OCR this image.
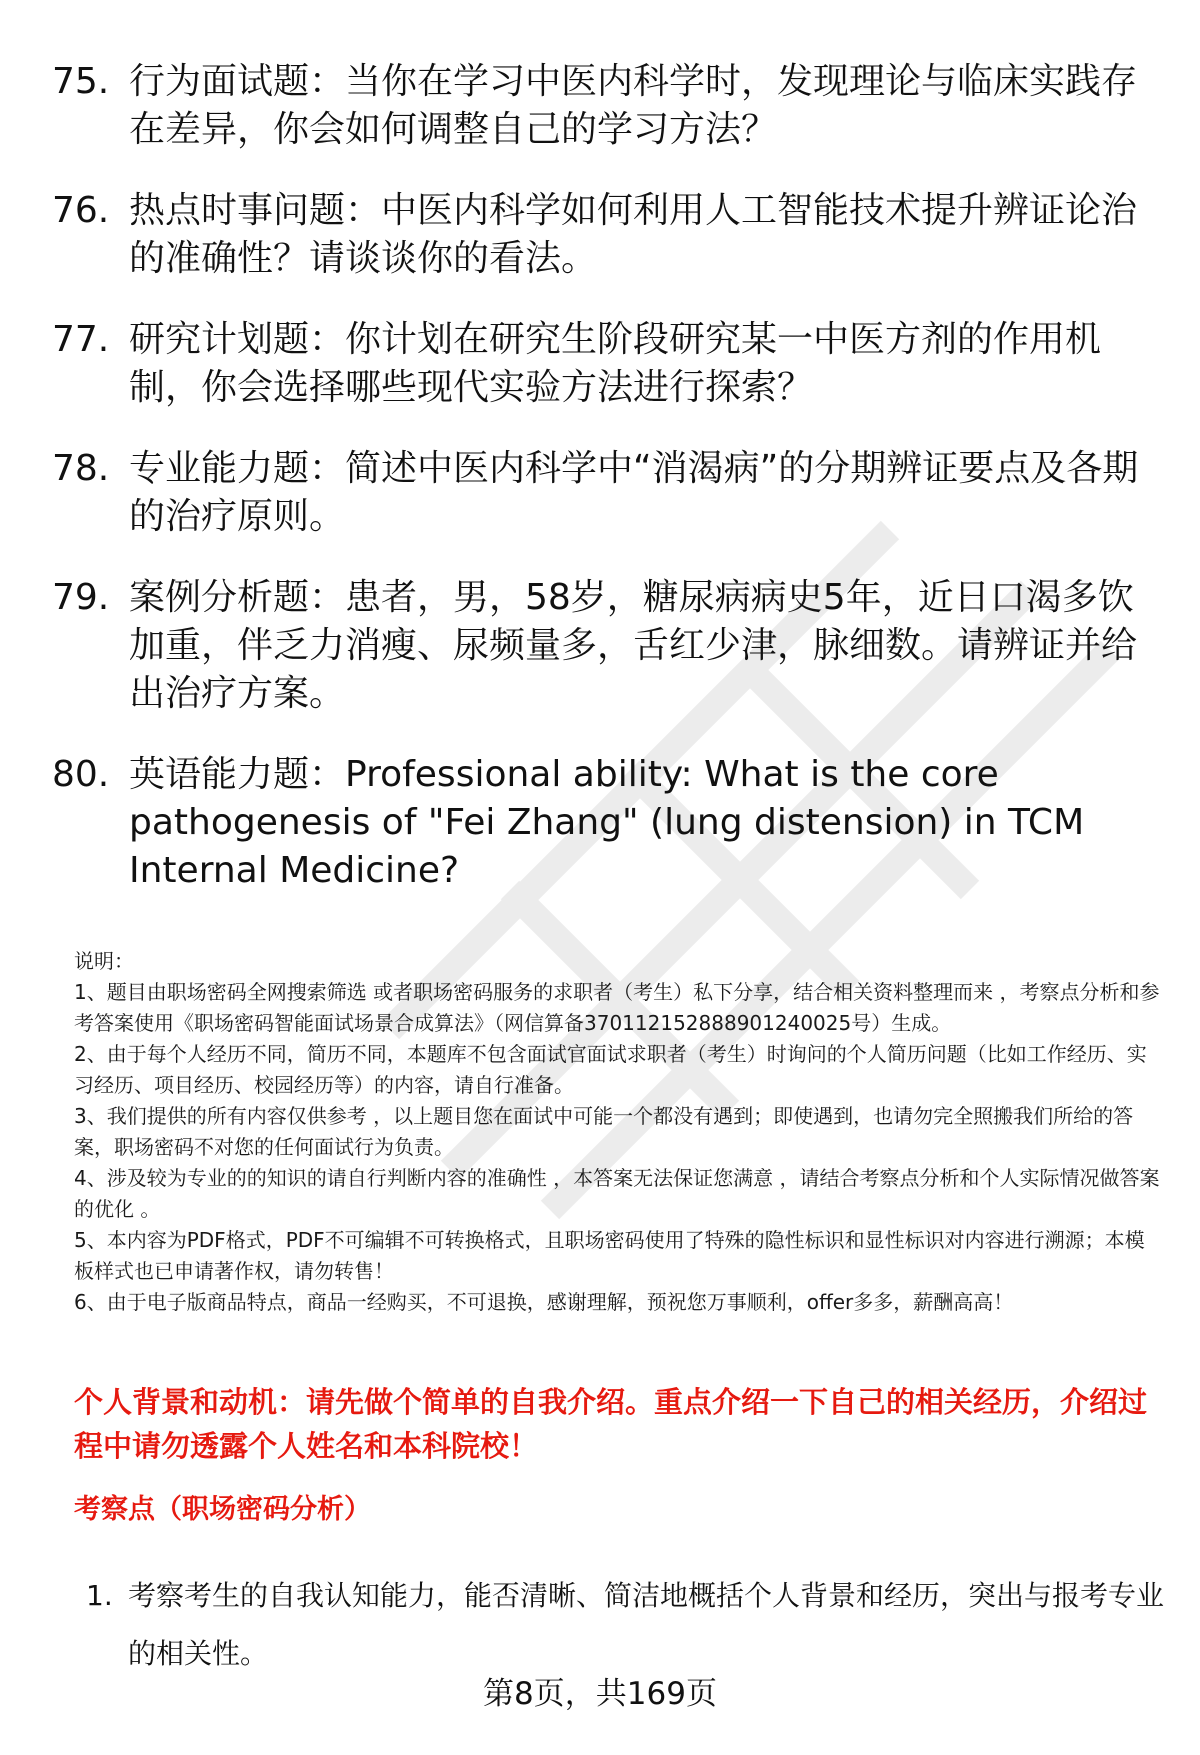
75. 行为面试题：当你在学习中医内科学时，发现理论与临床实践存在差异，你会如何调整自己的学习方法？
76. 热点时事问题：中医内科学如何利用人工智能技术提升辨证论治的准确性？请谈谈你的看法。
77. 研究计划题：你计划在研究生阶段研究某一中医方剂的作用机制，你会选择哪些现代实验方法进行探索？
78. 专业能力题：简述中医内科学中“消渴病”的分期辨证要点及各期的治疗原则。
79. 案例分析题：患者，男，58岁，糖尿病病史5年，近日口渴多饮加重，伴乏力消瘦、尿频量多，舌红少津，脉细数。请辨证并给出治疗方案。
80. 英语能力题：Professional ability: What is the core pathogenesis of "Fei Zhang" (lung distension) in TCM Internal Medicine?

说明：

1、题目由职场密码全网搜索筛选 或者职场密码服务的求职者（考生）私下分享，结合相关资料整理而来 ，考察点分析和参考答案使用《职场密码智能面试场景合成算法》（网信算备370112152888901240025号）生成。

2、由于每个人经历不同，简历不同，本题库不包含面试官面试求职者（考生）时询问的个人简历问题（比如工作经历、实习经历、项目经历、校园经历等）的内容，请自行准备。

3、我们提供的所有内容仅供参考 ，以上题目您在面试中可能一个都没有遇到；即使遇到，也请勿完全照搬我们所给的答案，职场密码不对您的任何面试行为负责。

4、涉及较为专业的的知识的请自行判断内容的准确性 ，本答案无法保证您满意 ，请结合考察点分析和个人实际情况做答案的优化 。

5、本内容为PDF格式，PDF不可编辑不可转换格式，且职场密码使用了特殊的隐性标识和显性标识对内容进行溯源；本模板样式也已申请著作权，请勿转售！

6、由于电子版商品特点，商品一经购买，不可退换，感谢理解，预祝您万事顺利，offer多多，薪酬高高！

个人背景和动机：请先做个简单的自我介绍。重点介绍一下自己的相关经历，介绍过程中请勿透露个人姓名和本科院校！
考察点（职场密码分析）
1. 考察考生的自我认知能力，能否清晰、简洁地概括个人背景和经历，突出与报考专业的相关性。
第8页，共169页
